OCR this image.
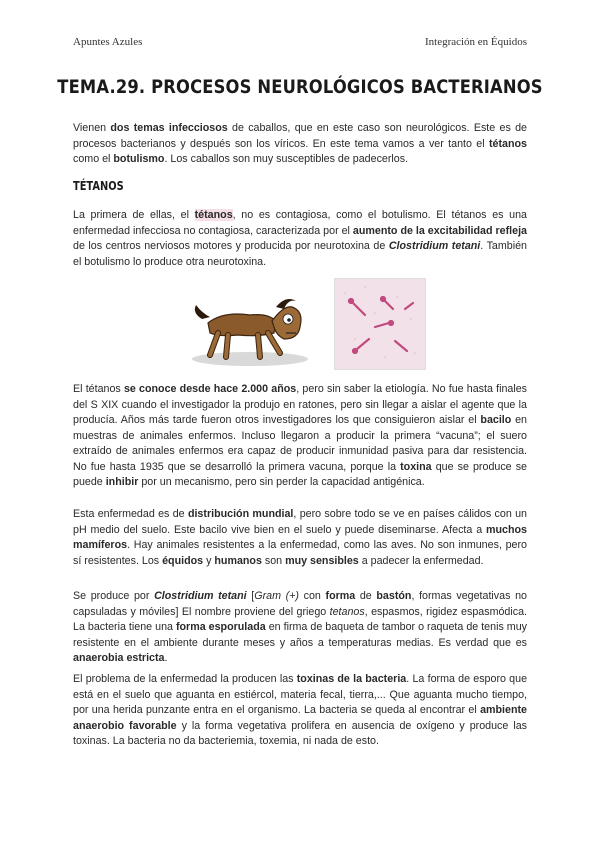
Apuntes Azules	Integración en Équidos
TEMA.29. PROCESOS NEUROLÓGICOS BACTERIANOS
Vienen dos temas infecciosos de caballos, que en este caso son neurológicos. Este es de procesos bacterianos y después son los víricos. En este tema vamos a ver tanto el tétanos como el botulismo. Los caballos son muy susceptibles de padecerlos.
TÉTANOS
La primera de ellas, el tétanos, no es contagiosa, como el botulismo. El tétanos es una enfermedad infecciosa no contagiosa, caracterizada por el aumento de la excitabilidad refleja de los centros nerviosos motores y producida por neurotoxina de Clostridium tetani. También el botulismo lo produce otra neurotoxina.
El tétanos se conoce desde hace 2.000 años, pero sin saber la etiología. No fue hasta finales del S XIX cuando el investigador la produjo en ratones, pero sin llegar a aislar el agente que la producía. Años más tarde fueron otros investigadores los que consiguieron aislar el bacilo en muestras de animales enfermos. Incluso llegaron a producir la primera “vacuna”; el suero extraído de animales enfermos era capaz de producir inmunidad pasiva para dar resistencia. No fue hasta 1935 que se desarrolló la primera vacuna, porque la toxina que se produce se puede inhibir por un mecanismo, pero sin perder la capacidad antigénica.
Esta enfermedad es de distribución mundial, pero sobre todo se ve en países cálidos con un pH medio del suelo. Este bacilo vive bien en el suelo y puede diseminarse. Afecta a muchos mamíferos. Hay animales resistentes a la enfermedad, como las aves. No son inmunes, pero sí resistentes. Los équidos y humanos son muy sensibles a padecer la enfermedad.
Se produce por Clostridium tetani [Gram (+) con forma de bastón, formas vegetativas no capsuladas y móviles] El nombre proviene del griego tetanos, espasmos, rigidez espasmódica. La bacteria tiene una forma esporulada en firma de baqueta de tambor o raqueta de tenis muy resistente en el ambiente durante meses y años a temperaturas medias. Es verdad que es anaerobia estricta.
El problema de la enfermedad la producen las toxinas de la bacteria. La forma de esporo que está en el suelo que aguanta en estiércol, materia fecal, tierra,... Que aguanta mucho tiempo, por una herida punzante entra en el organismo. La bacteria se queda al encontrar el ambiente anaerobio favorable y la forma vegetativa prolifera en ausencia de oxígeno y produce las toxinas. La bacteria no da bacteriemia, toxemia, ni nada de esto.
